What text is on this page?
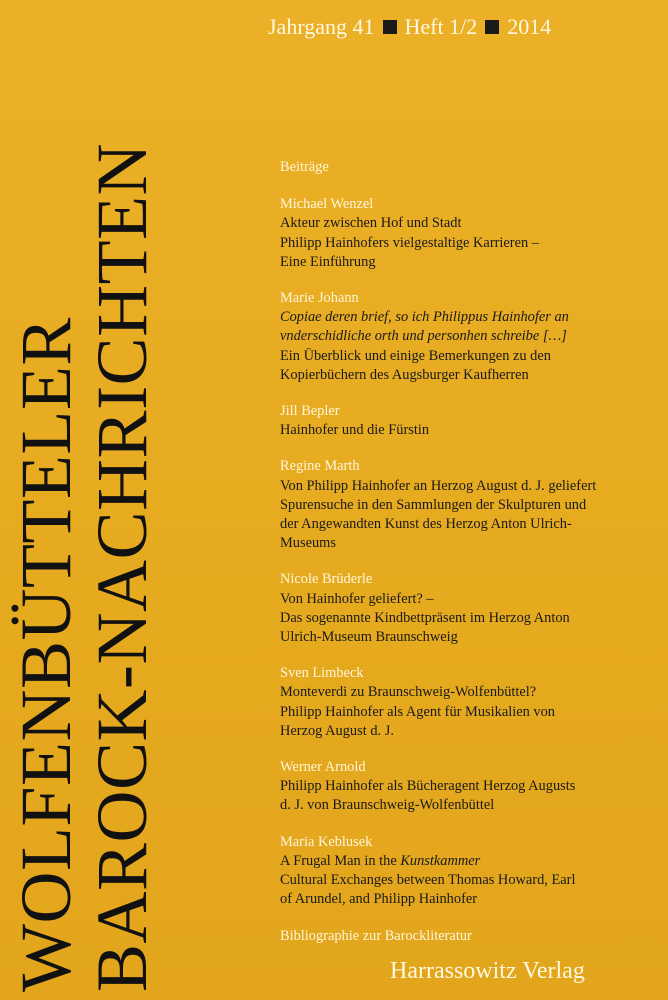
WOLFENBÜTTELER
BAROCK-NACHRICHTEN
Jahrgang 41 Heft 1/2 2014
Beiträge
Michael Wenzel
Akteur zwischen Hof und Stadt
Philipp Hainhofers vielgestaltige Karrieren –
Eine Einführung
Marie Johann
Copiae deren brief, so ich Philippus Hainhofer an
vnderschidliche orth und personhen schreibe […]
Ein Überblick und einige Bemerkungen zu den
Kopierbüchern des Augsburger Kaufherren
Jill Bepler
Hainhofer und die Fürstin
Regine Marth
Von Philipp Hainhofer an Herzog August d. J. geliefert
Spurensuche in den Sammlungen der Skulpturen und
der Angewandten Kunst des Herzog Anton Ulrich-
Museums
Nicole Brüderle
Von Hainhofer geliefert? –
Das sogenannte Kindbettpräsent im Herzog Anton
Ulrich-Museum Braunschweig
Sven Limbeck
Monteverdi zu Braunschweig-Wolfenbüttel?
Philipp Hainhofer als Agent für Musikalien von
Herzog August d. J.
Werner Arnold
Philipp Hainhofer als Bücheragent Herzog Augusts
d. J. von Braunschweig-Wolfenbüttel
Maria Keblusek
A Frugal Man in the Kunstkammer
Cultural Exchanges between Thomas Howard, Earl
of Arundel, and Philipp Hainhofer
Bibliographie zur Barockliteratur
Harrassowitz Verlag
